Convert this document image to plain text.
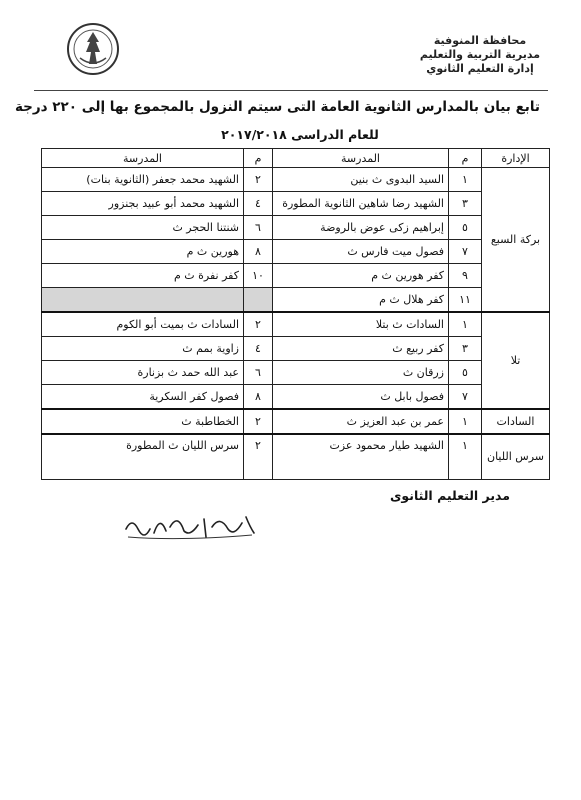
محافظة المنوفية
مديرية التربية والتعليم
إدارة التعليم الثانوي
تابع بيان بالمدارس الثانوية العامة التى سيتم النزول بالمجموع بها إلى ٢٢٠ درجة
للعام الدراسى ٢٠١٧/٢٠١٨
الإدارة	م	المدرسة	م	المدرسة
بركة السبع	١	السيد البدوى ث بنين	٢	الشهيد محمد جعفر (الثانوية بنات)
	٣	الشهيد رضا شاهين الثانوية المطورة	٤	الشهيد محمد أبو عبيد بجنزور
	٥	إبراهيم زكى عوض بالروضة	٦	شنتنا الحجر ث
	٧	فصول ميت فارس ث	٨	هورين ث م
	٩	كفر هورين ث م	١٠	كفر نفرة ث م
	١١	كفر هلال ث م		
تلا	١	السادات ث بتلا	٢	السادات ث بميت أبو الكوم
	٣	كفر ربيع ث	٤	زاوية بمم ث
	٥	زرقان ث	٦	عبد الله حمد ث بزنارة
	٧	فصول بابل ث	٨	فصول كفر السكرية
السادات	١	عمر بن عبد العزيز ث	٢	الخطاطبة ث
سرس الليان	١	الشهيد طيار محمود عزت	٢	سرس الليان ث المطورة
مدير التعليم الثانوى
